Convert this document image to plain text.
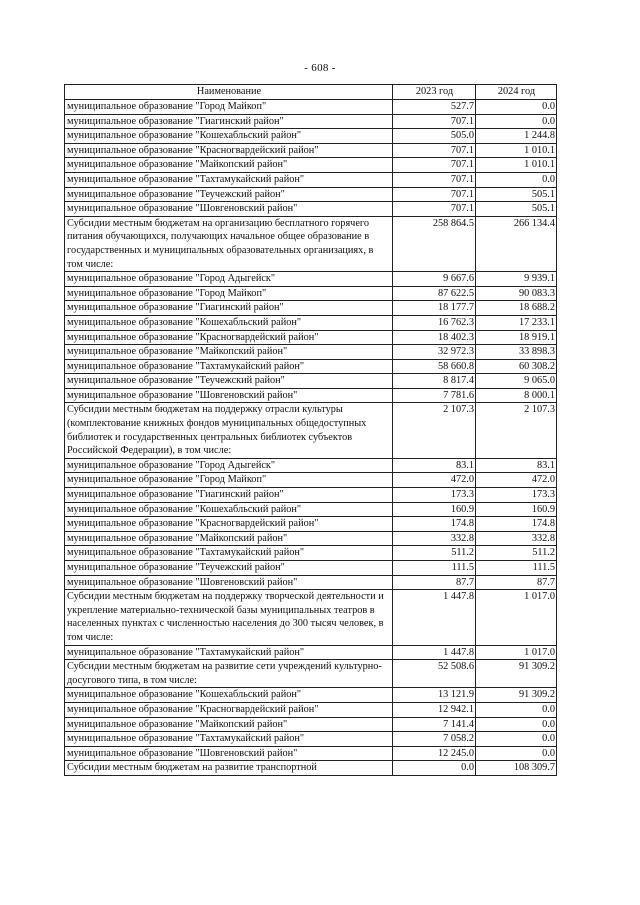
- 608 -
Наименование	2023 год	2024 год
муниципальное образование "Город Майкоп"	527.7	0.0
муниципальное образование "Гиагинский район"	707.1	0.0
муниципальное образование "Кошехабльский район"	505.0	1 244.8
муниципальное образование "Красногвардейский район"	707.1	1 010.1
муниципальное образование "Майкопский район"	707.1	1 010.1
муниципальное образование "Тахтамукайский район"	707.1	0.0
муниципальное образование "Теучежский район"	707.1	505.1
муниципальное образование "Шовгеновский район"	707.1	505.1
Субсидии местным бюджетам на организацию бесплатного горячего питания обучающихся, получающих начальное общее образование в государственных и муниципальных образовательных организациях, в том числе:	258 864.5	266 134.4
муниципальное образование "Город Адыгейск"	9 667.6	9 939.1
муниципальное образование "Город Майкоп"	87 622.5	90 083.3
муниципальное образование "Гиагинский район"	18 177.7	18 688.2
муниципальное образование "Кошехабльский район"	16 762.3	17 233.1
муниципальное образование "Красногвардейский район"	18 402.3	18 919.1
муниципальное образование "Майкопский район"	32 972.3	33 898.3
муниципальное образование "Тахтамукайский район"	58 660.8	60 308.2
муниципальное образование "Теучежский район"	8 817.4	9 065.0
муниципальное образование "Шовгеновский район"	7 781.6	8 000.1
Субсидии местным бюджетам на поддержку отрасли культуры (комплектование книжных фондов муниципальных общедоступных библиотек и государственных центральных библиотек субъектов Российской Федерации), в том числе:	2 107.3	2 107.3
муниципальное образование "Город Адыгейск"	83.1	83.1
муниципальное образование "Город Майкоп"	472.0	472.0
муниципальное образование "Гиагинский район"	173.3	173.3
муниципальное образование "Кошехабльский район"	160.9	160.9
муниципальное образование "Красногвардейский район"	174.8	174.8
муниципальное образование "Майкопский район"	332.8	332.8
муниципальное образование "Тахтамукайский район"	511.2	511.2
муниципальное образование "Теучежский район"	111.5	111.5
муниципальное образование "Шовгеновский район"	87.7	87.7
Субсидии местным бюджетам на поддержку творческой деятельности и укрепление материально-технической базы муниципальных театров в населенных пунктах с численностью населения до 300 тысяч человек, в том числе:	1 447.8	1 017.0
муниципальное образование "Тахтамукайский район"	1 447.8	1 017.0
Субсидии местным бюджетам на развитие сети учреждений культурно-досугового типа, в том числе:	52 508.6	91 309.2
муниципальное образование "Кошехабльский район"	13 121.9	91 309.2
муниципальное образование "Красногвардейский район"	12 942.1	0.0
муниципальное образование "Майкопский район"	7 141.4	0.0
муниципальное образование "Тахтамукайский район"	7 058.2	0.0
муниципальное образование "Шовгеновский район"	12 245.0	0.0
Субсидии местным бюджетам на развитие транспортной	0.0	108 309.7
